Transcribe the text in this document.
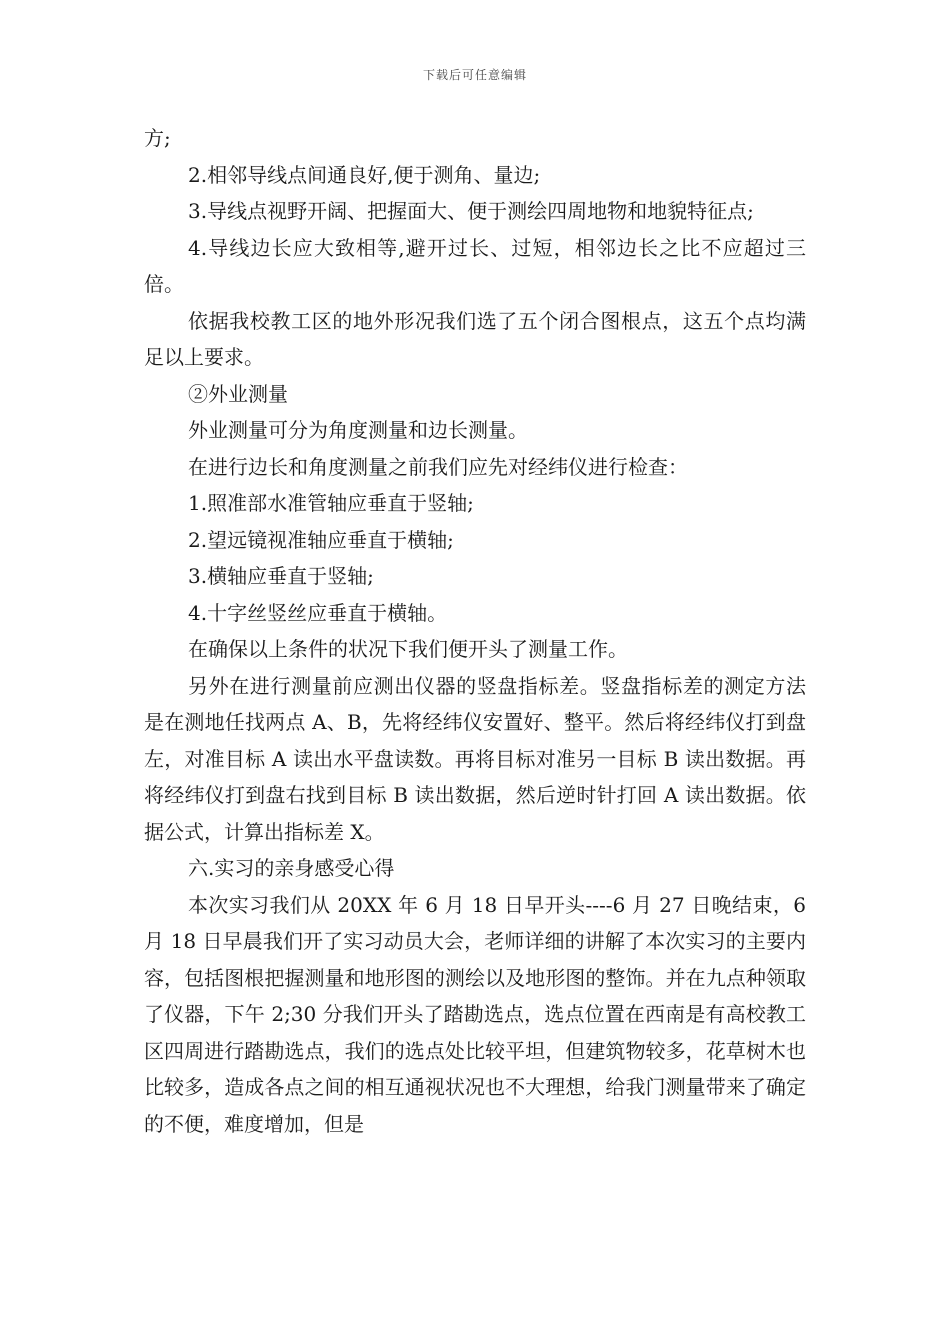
下载后可任意编辑

方;

2.相邻导线点间通良好,便于测角、量边;

3.导线点视野开阔、把握面大、便于测绘四周地物和地貌特征点;

4.导线边长应大致相等,避开过长、过短，相邻边长之比不应超过三倍。

依据我校教工区的地外形况我们选了五个闭合图根点，这五个点均满足以上要求。

②外业测量

外业测量可分为角度测量和边长测量。

在进行边长和角度测量之前我们应先对经纬仪进行检查：

1.照准部水准管轴应垂直于竖轴;

2.望远镜视准轴应垂直于横轴;

3.横轴应垂直于竖轴;

4.十字丝竖丝应垂直于横轴。

在确保以上条件的状况下我们便开头了测量工作。

另外在进行测量前应测出仪器的竖盘指标差。竖盘指标差的测定方法是在测地任找两点 A、B，先将经纬仪安置好、整平。然后将经纬仪打到盘左，对准目标 A 读出水平盘读数。再将目标对准另一目标 B 读出数据。再将经纬仪打到盘右找到目标 B 读出数据，然后逆时针打回 A 读出数据。依据公式，计算出指标差 X。

六.实习的亲身感受心得

本次实习我们从 20XX 年 6 月 18 日早开头----6 月 27 日晚结束，6 月 18 日早晨我们开了实习动员大会，老师详细的讲解了本次实习的主要内容，包括图根把握测量和地形图的测绘以及地形图的整饰。并在九点种领取了仪器，下午 2;30 分我们开头了踏勘选点，选点位置在西南是有高校教工区四周进行踏勘选点，我们的选点处比较平坦，但建筑物较多，花草树木也比较多，造成各点之间的相互通视状况也不大理想，给我门测量带来了确定的不便，难度增加，但是
